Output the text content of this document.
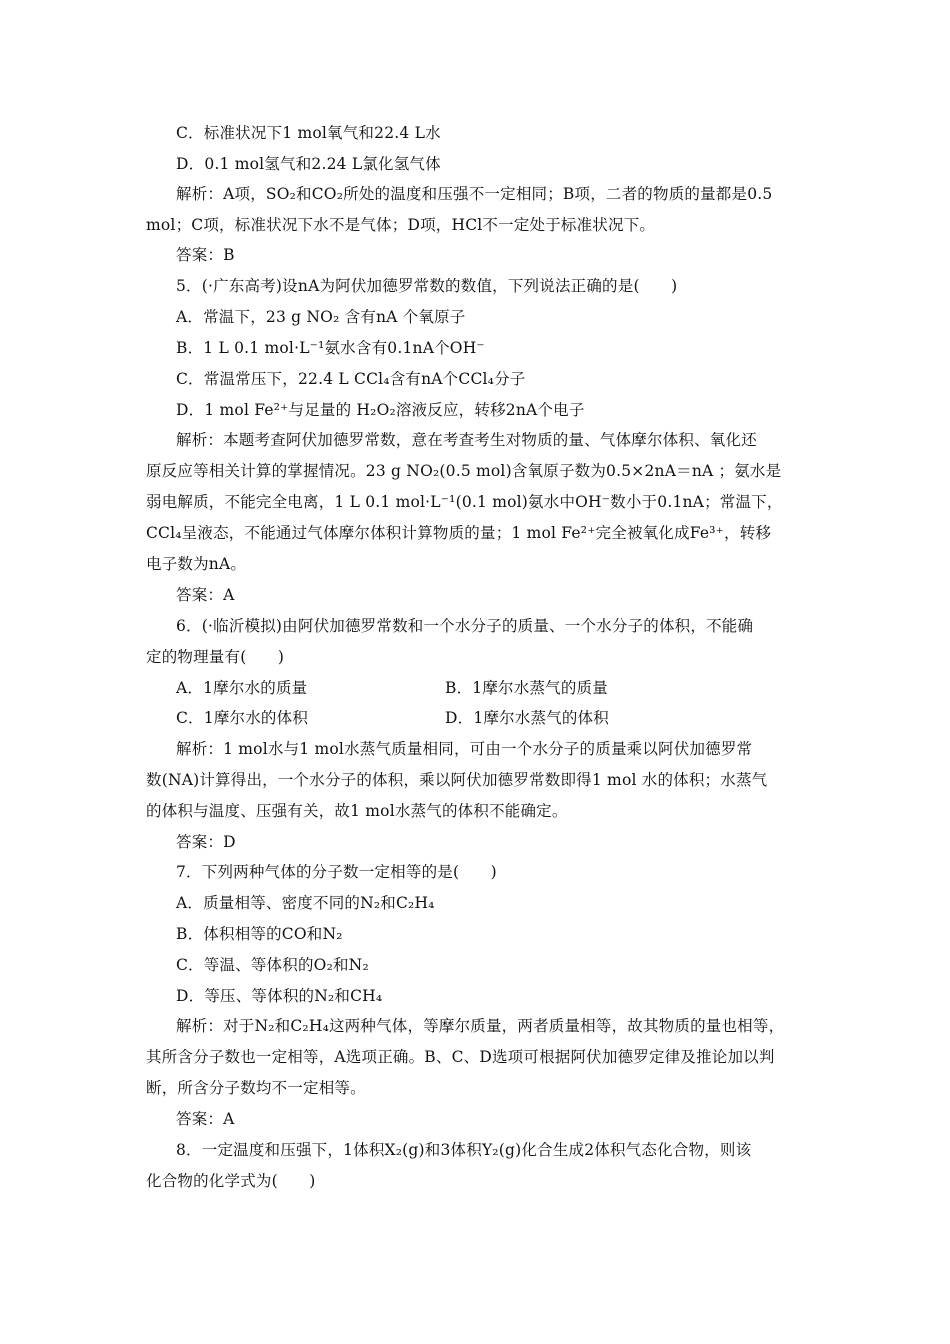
C．标准状况下1 mol氧气和22.4 L水
D．0.1 mol氢气和2.24 L氯化氢气体
解析：A项，SO₂和CO₂所处的温度和压强不一定相同；B项，二者的物质的量都是0.5
mol；C项，标准状况下水不是气体；D项，HCl不一定处于标准状况下。
答案：B
5．(·广东高考)设nA为阿伏加德罗常数的数值，下列说法正确的是(　　)
A．常温下，23 g NO₂ 含有nA 个氧原子
B．1 L 0.1 mol·L⁻¹氨水含有0.1nA个OH⁻
C．常温常压下，22.4 L CCl₄含有nA个CCl₄分子
D．1 mol Fe²⁺与足量的 H₂O₂溶液反应，转移2nA个电子
解析：本题考查阿伏加德罗常数，意在考查考生对物质的量、气体摩尔体积、氧化还
原反应等相关计算的掌握情况。23 g NO₂(0.5 mol)含氧原子数为0.5×2nA＝nA ；氨水是
弱电解质，不能完全电离，1 L 0.1 mol·L⁻¹(0.1 mol)氨水中OH⁻数小于0.1nA；常温下，
CCl₄呈液态，不能通过气体摩尔体积计算物质的量；1 mol Fe²⁺完全被氧化成Fe³⁺，转移
电子数为nA。
答案：A
6．(·临沂模拟)由阿伏加德罗常数和一个水分子的质量、一个水分子的体积，不能确
定的物理量有(　　)
A．1摩尔水的质量	B．1摩尔水蒸气的质量
C．1摩尔水的体积	D．1摩尔水蒸气的体积
解析：1 mol水与1 mol水蒸气质量相同，可由一个水分子的质量乘以阿伏加德罗常
数(NA)计算得出，一个水分子的体积，乘以阿伏加德罗常数即得1 mol 水的体积；水蒸气
的体积与温度、压强有关，故1 mol水蒸气的体积不能确定。
答案：D
7．下列两种气体的分子数一定相等的是(　　)
A．质量相等、密度不同的N₂和C₂H₄
B．体积相等的CO和N₂
C．等温、等体积的O₂和N₂
D．等压、等体积的N₂和CH₄
解析：对于N₂和C₂H₄这两种气体，等摩尔质量，两者质量相等，故其物质的量也相等，
其所含分子数也一定相等，A选项正确。B、C、D选项可根据阿伏加德罗定律及推论加以判
断，所含分子数均不一定相等。
答案：A
8．一定温度和压强下，1体积X₂(g)和3体积Y₂(g)化合生成2体积气态化合物，则该
化合物的化学式为(　　)
